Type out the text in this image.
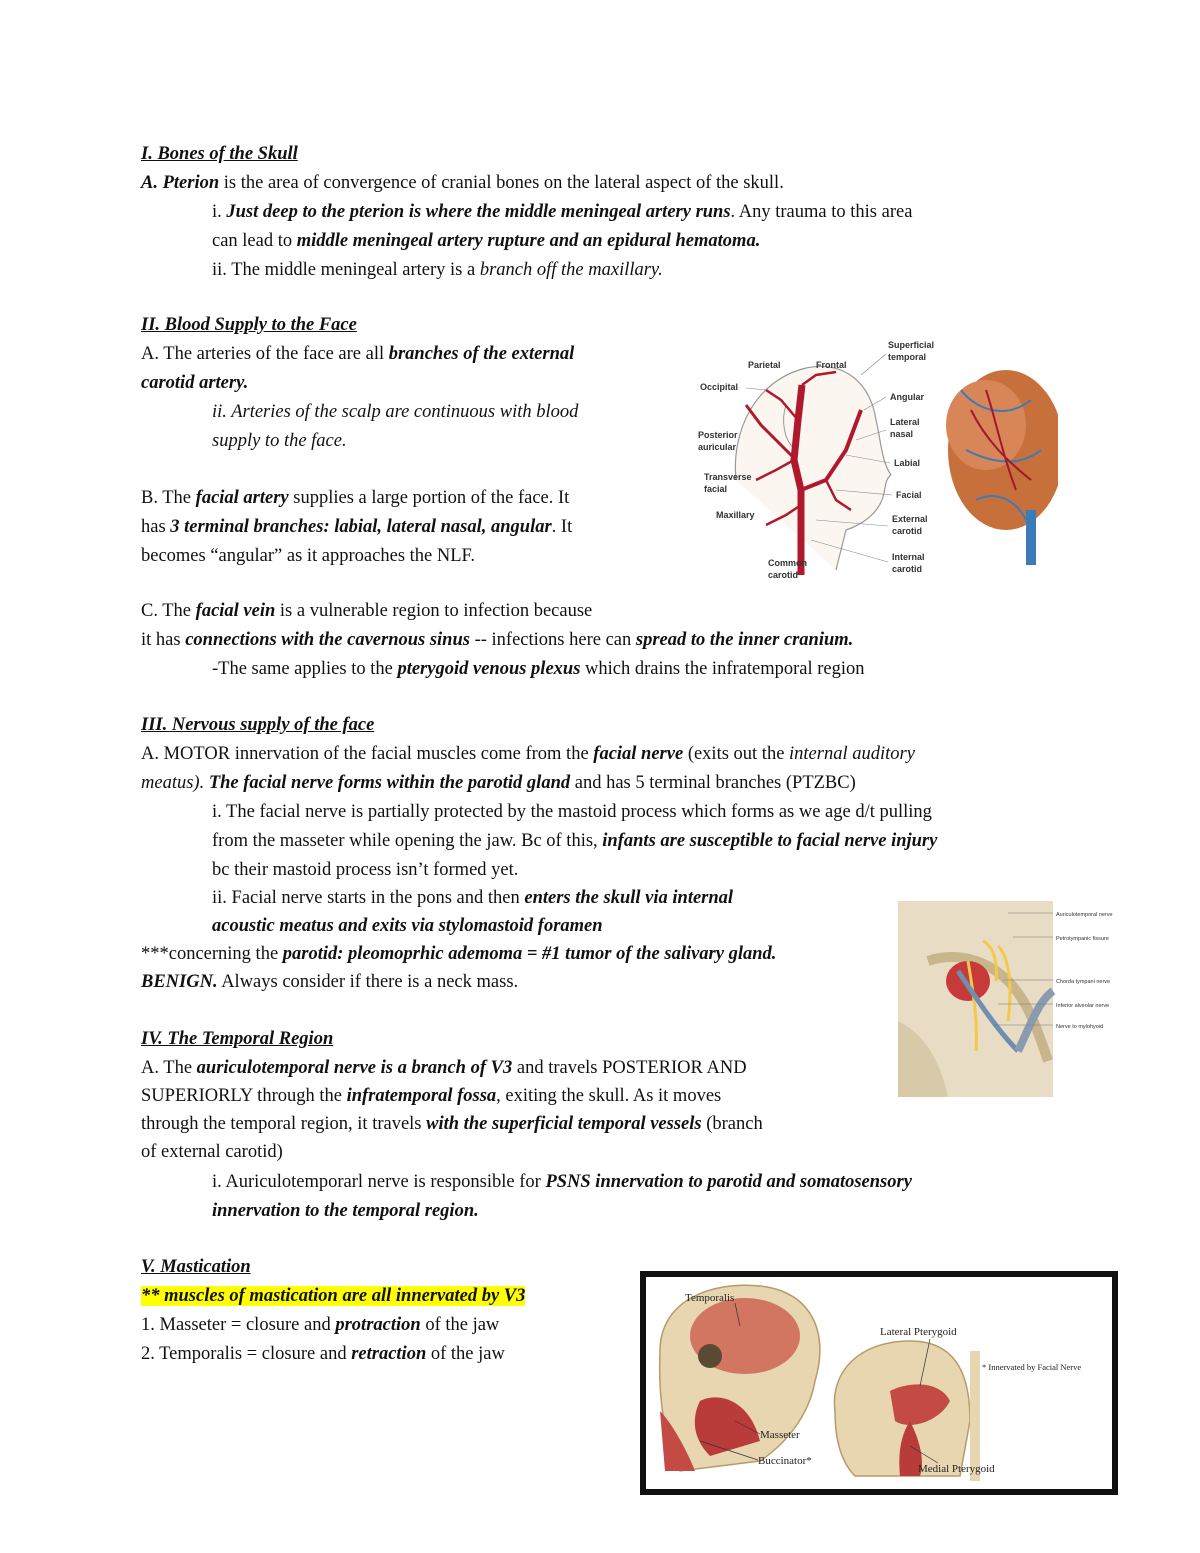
I. Bones of the Skull
A. Pterion is the area of convergence of cranial bones on the lateral aspect of the skull.
i. Just deep to the pterion is where the middle meningeal artery runs. Any trauma to this area
can lead to middle meningeal artery rupture and an epidural hematoma.
ii. The middle meningeal artery is a branch off the maxillary.
II. Blood Supply to the Face
A. The arteries of the face are all branches of the external
carotid artery.
ii. Arteries of the scalp are continuous with blood
supply to the face.
B. The facial artery supplies a large portion of the face. It
has 3 terminal branches: labial, lateral nasal, angular. It
becomes “angular” as it approaches the NLF.
C. The facial vein is a vulnerable region to infection because
it has connections with the cavernous sinus -- infections here can spread to the inner cranium.
-The same applies to the pterygoid venous plexus which drains the infratemporal region
III. Nervous supply of the face
A. MOTOR innervation of the facial muscles come from the facial nerve (exits out the internal auditory
meatus). The facial nerve forms within the parotid gland and has 5 terminal branches (PTZBC)
i. The facial nerve is partially protected by the mastoid process which forms as we age d/t pulling
from the masseter while opening the jaw. Bc of this, infants are susceptible to facial nerve injury
bc their mastoid process isn’t formed yet.
ii. Facial nerve starts in the pons and then enters the skull via internal
acoustic meatus and exits via stylomastoid foramen
***concerning the parotid: pleomoprhic ademoma = #1 tumor of the salivary gland.
BENIGN. Always consider if there is a neck mass.
IV. The Temporal Region
A. The auriculotemporal nerve is a branch of V3 and travels POSTERIOR AND
SUPERIORLY through the infratemporal fossa, exiting the skull. As it moves
through the temporal region, it travels with the superficial temporal vessels (branch
of external carotid)
i. Auriculotemporarl nerve is responsible for PSNS innervation to parotid and somatosensory
innervation to the temporal region.
V. Mastication
** muscles of mastication are all innervated by V3
1. Masseter = closure and protraction of the jaw
2. Temporalis = closure and retraction of the jaw
Parietal	Frontal
Superficial
temporal
Occipital
Angular
Lateral
nasal
Posterior
auricular
Labial
Transverse
facial
Facial
Maxillary	External
carotid
Internal
carotid
Common
carotid
Auriculotemporal nerve
Petrotympanic fissure
Chorda tympani nerve
Inferior alveolar nerve
Nerve to mylohyoid
Temporalis
Lateral Pterygoid
* Innervated by Facial Nerve
Masseter
Buccinator*
Medial Pterygoid
